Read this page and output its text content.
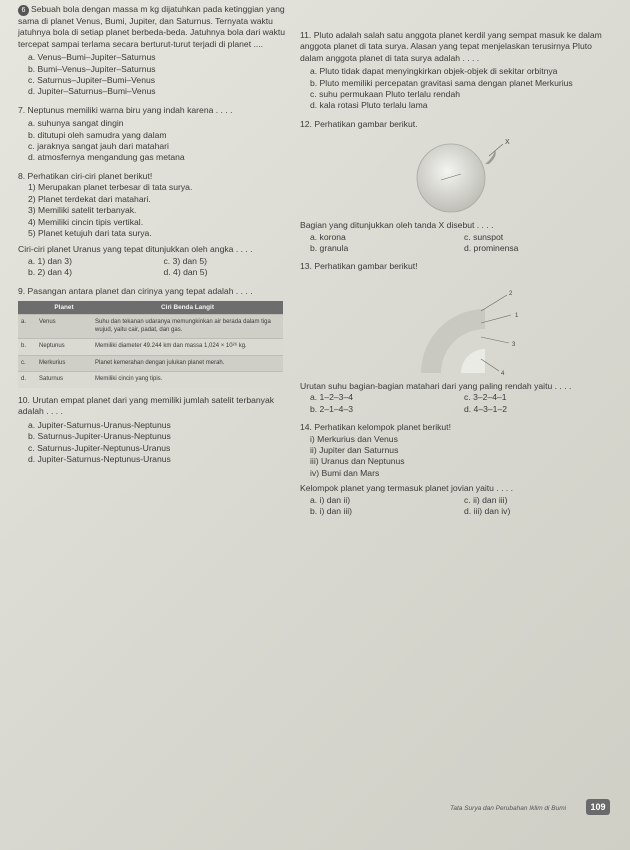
6 Sebuah bola dengan massa m kg dijatuhkan pada ketinggian yang sama di planet Venus, Bumi, Jupiter, dan Saturnus. Ternyata waktu jatuhnya bola di setiap planet berbeda-beda. Jatuhnya bola dari waktu tercepat sampai terlama secara berturut-turut terjadi di planet ....
a. Venus–Bumi–Jupiter–Saturnus
b. Bumi–Venus–Jupiter–Saturnus
c. Saturnus–Jupiter–Bumi–Venus
d. Jupiter–Saturnus–Bumi–Venus
7. Neptunus memiliki warna biru yang indah karena . . . .
a. suhunya sangat dingin
b. ditutupi oleh samudra yang dalam
c. jaraknya sangat jauh dari matahari
d. atmosfernya mengandung gas metana
8. Perhatikan ciri-ciri planet berikut!
1) Merupakan planet terbesar di tata surya.
2) Planet terdekat dari matahari.
3) Memiliki satelit terbanyak.
4) Memiliki cincin tipis vertikal.
5) Planet ketujuh dari tata surya.
Ciri-ciri planet Uranus yang tepat ditunjukkan oleh angka . . . .
a. 1) dan 3)	c. 3) dan 5)
b. 2) dan 4)	d. 4) dan 5)
9. Pasangan antara planet dan cirinya yang tepat adalah . . . .
	Planet	Ciri Benda Langit
a.	Venus	Suhu dan tekanan udaranya memungkinkan air berada dalam tiga wujud, yaitu cair, padat, dan gas.
b.	Neptunus	Memiliki diameter 49.244 km dan massa 1,024 × 10²⁶ kg.
c.	Merkurius	Planet kemerahan dengan julukan planet merah.
d.	Saturnus	Memiliki cincin yang tipis.
10. Urutan empat planet dari yang memiliki jumlah satelit terbanyak adalah . . . .
a. Jupiter-Saturnus-Uranus-Neptunus
b. Saturnus-Jupiter-Uranus-Neptunus
c. Saturnus-Jupiter-Neptunus-Uranus
d. Jupiter-Saturnus-Neptunus-Uranus
11. Pluto adalah salah satu anggota planet kerdil yang sempat masuk ke dalam anggota planet di tata surya. Alasan yang tepat menjelaskan terusirnya Pluto dalam anggota planet di tata surya adalah . . . .
a. Pluto tidak dapat menyingkirkan objek-objek di sekitar orbitnya
b. Pluto memiliki percepatan gravitasi sama dengan planet Merkurius
c. suhu permukaan Pluto terlalu rendah
d. kala rotasi Pluto terlalu lama
12. Perhatikan gambar berikut.
X
Bagian yang ditunjukkan oleh tanda X disebut . . . .
a. korona	c. sunspot
b. granula	d. prominensa
13. Perhatikan gambar berikut!
1
2
3
4
Urutan suhu bagian-bagian matahari dari yang paling rendah yaitu . . . .
a. 1–2–3–4	c. 3–2–4–1
b. 2–1–4–3	d. 4–3–1–2
14. Perhatikan kelompok planet berikut!
i) Merkurius dan Venus
ii) Jupiter dan Saturnus
iii) Uranus dan Neptunus
iv) Bumi dan Mars
Kelompok planet yang termasuk planet jovian yaitu . . . .
a. i) dan ii)	c. ii) dan iii)
b. i) dan iii)	d. iii) dan iv)
Tata Surya dan Perubahan Iklim di Bumi	109
